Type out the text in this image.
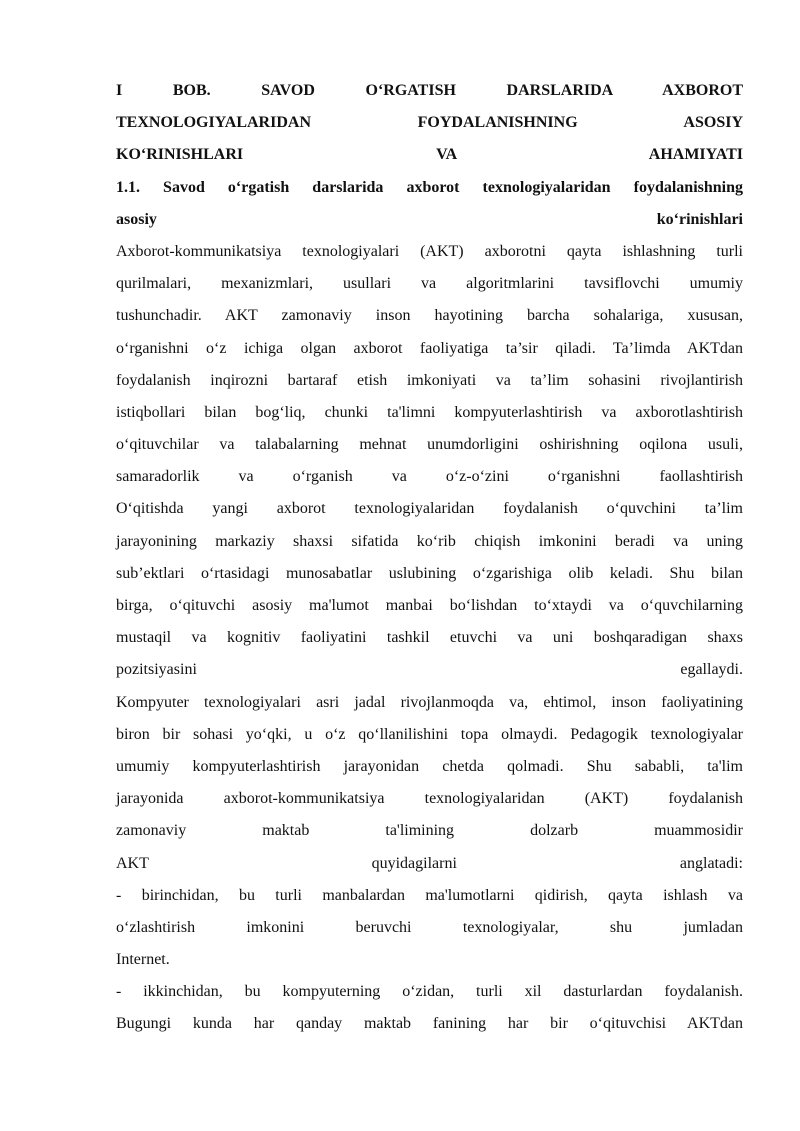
I BOB. SAVOD O‘RGATISH DARSLARIDA AXBOROT
TEXNOLOGIYALARIDAN FOYDALANISHNING ASOSIY
KO‘RINISHLARI VA AHAMIYATI
1.1. Savod o‘rgatish darslarida axborot texnologiyalaridan foydalanishning
asosiy ko‘rinishlari
Axborot-kommunikatsiya texnologiyalari (AKT) axborotni qayta ishlashning turli
qurilmalari, mexanizmlari, usullari va algoritmlarini tavsiflovchi umumiy
tushunchadir. AKT zamonaviy inson hayotining barcha sohalariga, xususan,
o‘rganishni o‘z ichiga olgan axborot faoliyatiga ta’sir qiladi. Ta’limda AKTdan
foydalanish inqirozni bartaraf etish imkoniyati va ta’lim sohasini rivojlantirish
istiqbollari bilan bog‘liq, chunki ta'limni kompyuterlashtirish va axborotlashtirish
o‘qituvchilar va talabalarning mehnat unumdorligini oshirishning oqilona usuli,
samaradorlik va o‘rganish va o‘z-o‘zini o‘rganishni faollashtirish
O‘qitishda yangi axborot texnologiyalaridan foydalanish o‘quvchini ta’lim
jarayonining markaziy shaxsi sifatida ko‘rib chiqish imkonini beradi va uning
sub’ektlari o‘rtasidagi munosabatlar uslubining o‘zgarishiga olib keladi. Shu bilan
birga, o‘qituvchi asosiy ma'lumot manbai bo‘lishdan to‘xtaydi va o‘quvchilarning
mustaqil va kognitiv faoliyatini tashkil etuvchi va uni boshqaradigan shaxs
pozitsiyasini egallaydi.
Kompyuter texnologiyalari asri jadal rivojlanmoqda va, ehtimol, inson faoliyatining
biron bir sohasi yo‘qki, u o‘z qo‘llanilishini topa olmaydi. Pedagogik texnologiyalar
umumiy kompyuterlashtirish jarayonidan chetda qolmadi. Shu sababli, ta'lim
jarayonida axborot-kommunikatsiya texnologiyalaridan (AKT) foydalanish
zamonaviy maktab ta'limining dolzarb muammosidir
AKT quyidagilarni anglatadi:
- birinchidan, bu turli manbalardan ma'lumotlarni qidirish, qayta ishlash va
o‘zlashtirish imkonini beruvchi texnologiyalar, shu jumladan
Internet.
- ikkinchidan, bu kompyuterning o‘zidan, turli xil dasturlardan foydalanish.
Bugungi kunda har qanday maktab fanining har bir o‘qituvchisi AKTdan
